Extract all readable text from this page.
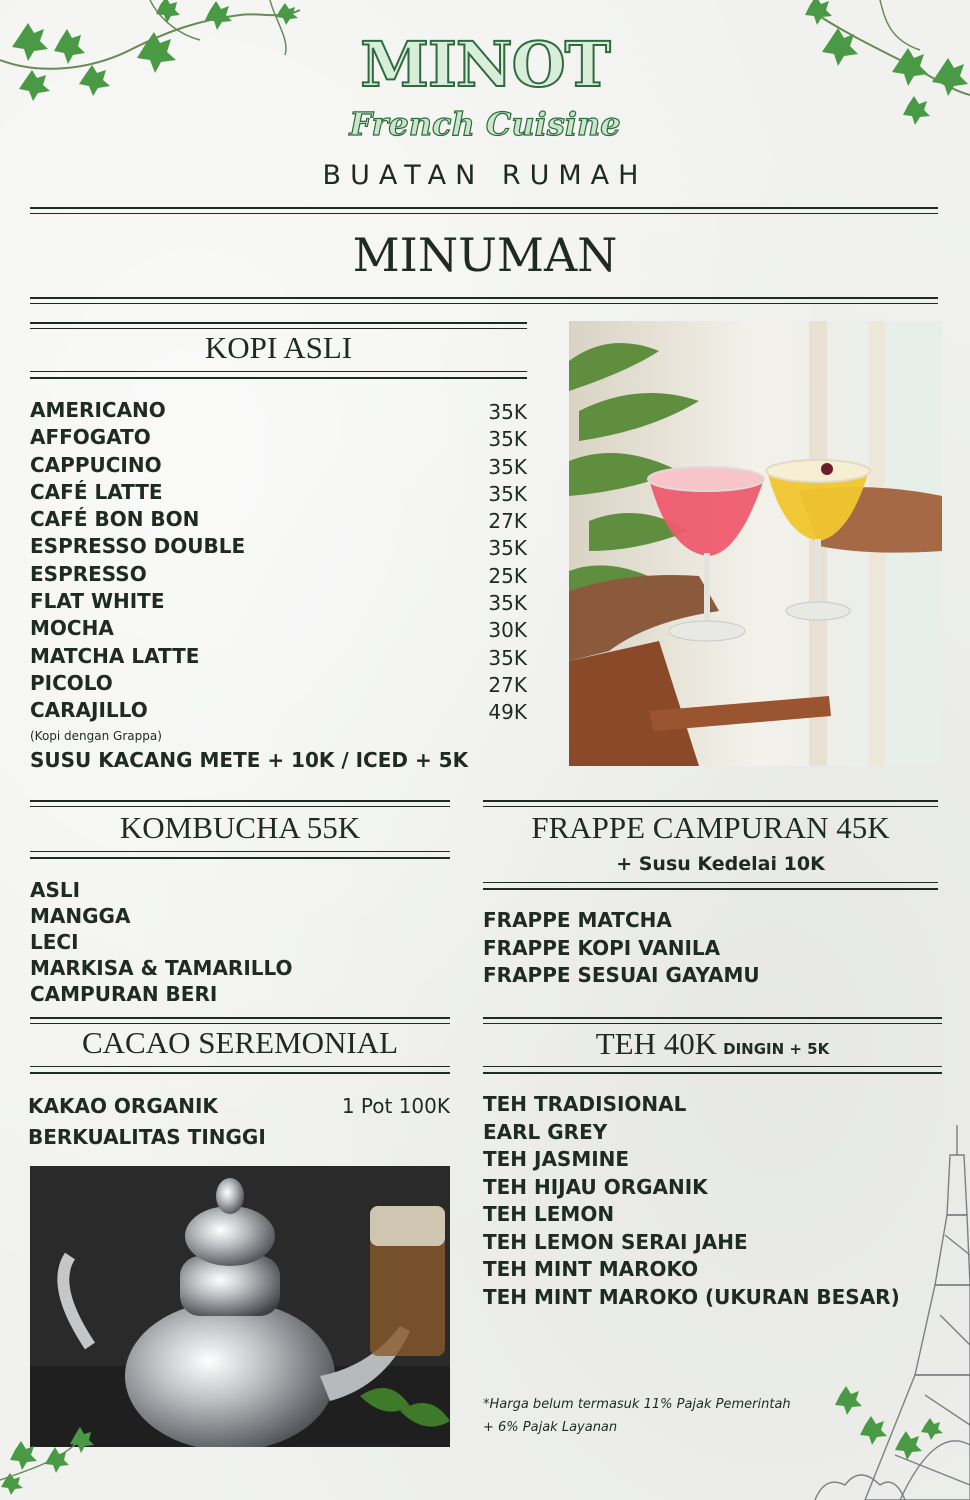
MINOT
French Cuisine
BUATAN RUMAH
MINUMAN
KOPI ASLI
AMERICANO	35K
AFFOGATO	35K
CAPPUCINO	35K
CAFÉ LATTE	35K
CAFÉ BON BON	27K
ESPRESSO DOUBLE	35K
ESPRESSO	25K
FLAT WHITE	35K
MOCHA	30K
MATCHA LATTE	35K
PICOLO	27K
CARAJILLO	49K
(Kopi dengan Grappa)
SUSU KACANG METE + 10K / ICED + 5K
KOMBUCHA 55K
ASLI
MANGGA
LECI
MARKISA & TAMARILLO
CAMPURAN BERI
FRAPPE CAMPURAN 45K
+ Susu Kedelai 10K
FRAPPE MATCHA
FRAPPE KOPI VANILA
FRAPPE SESUAI GAYAMU
CACAO SEREMONIAL
KAKAO ORGANIK
BERKUALITAS TINGGI
1 Pot 100K
TEH 40K DINGIN + 5K
TEH TRADISIONAL
EARL GREY
TEH JASMINE
TEH HIJAU ORGANIK
TEH LEMON
TEH LEMON SERAI JAHE
TEH MINT MAROKO
TEH MINT MAROKO (UKURAN BESAR)
*Harga belum termasuk 11% Pajak Pemerintah
+ 6% Pajak Layanan
